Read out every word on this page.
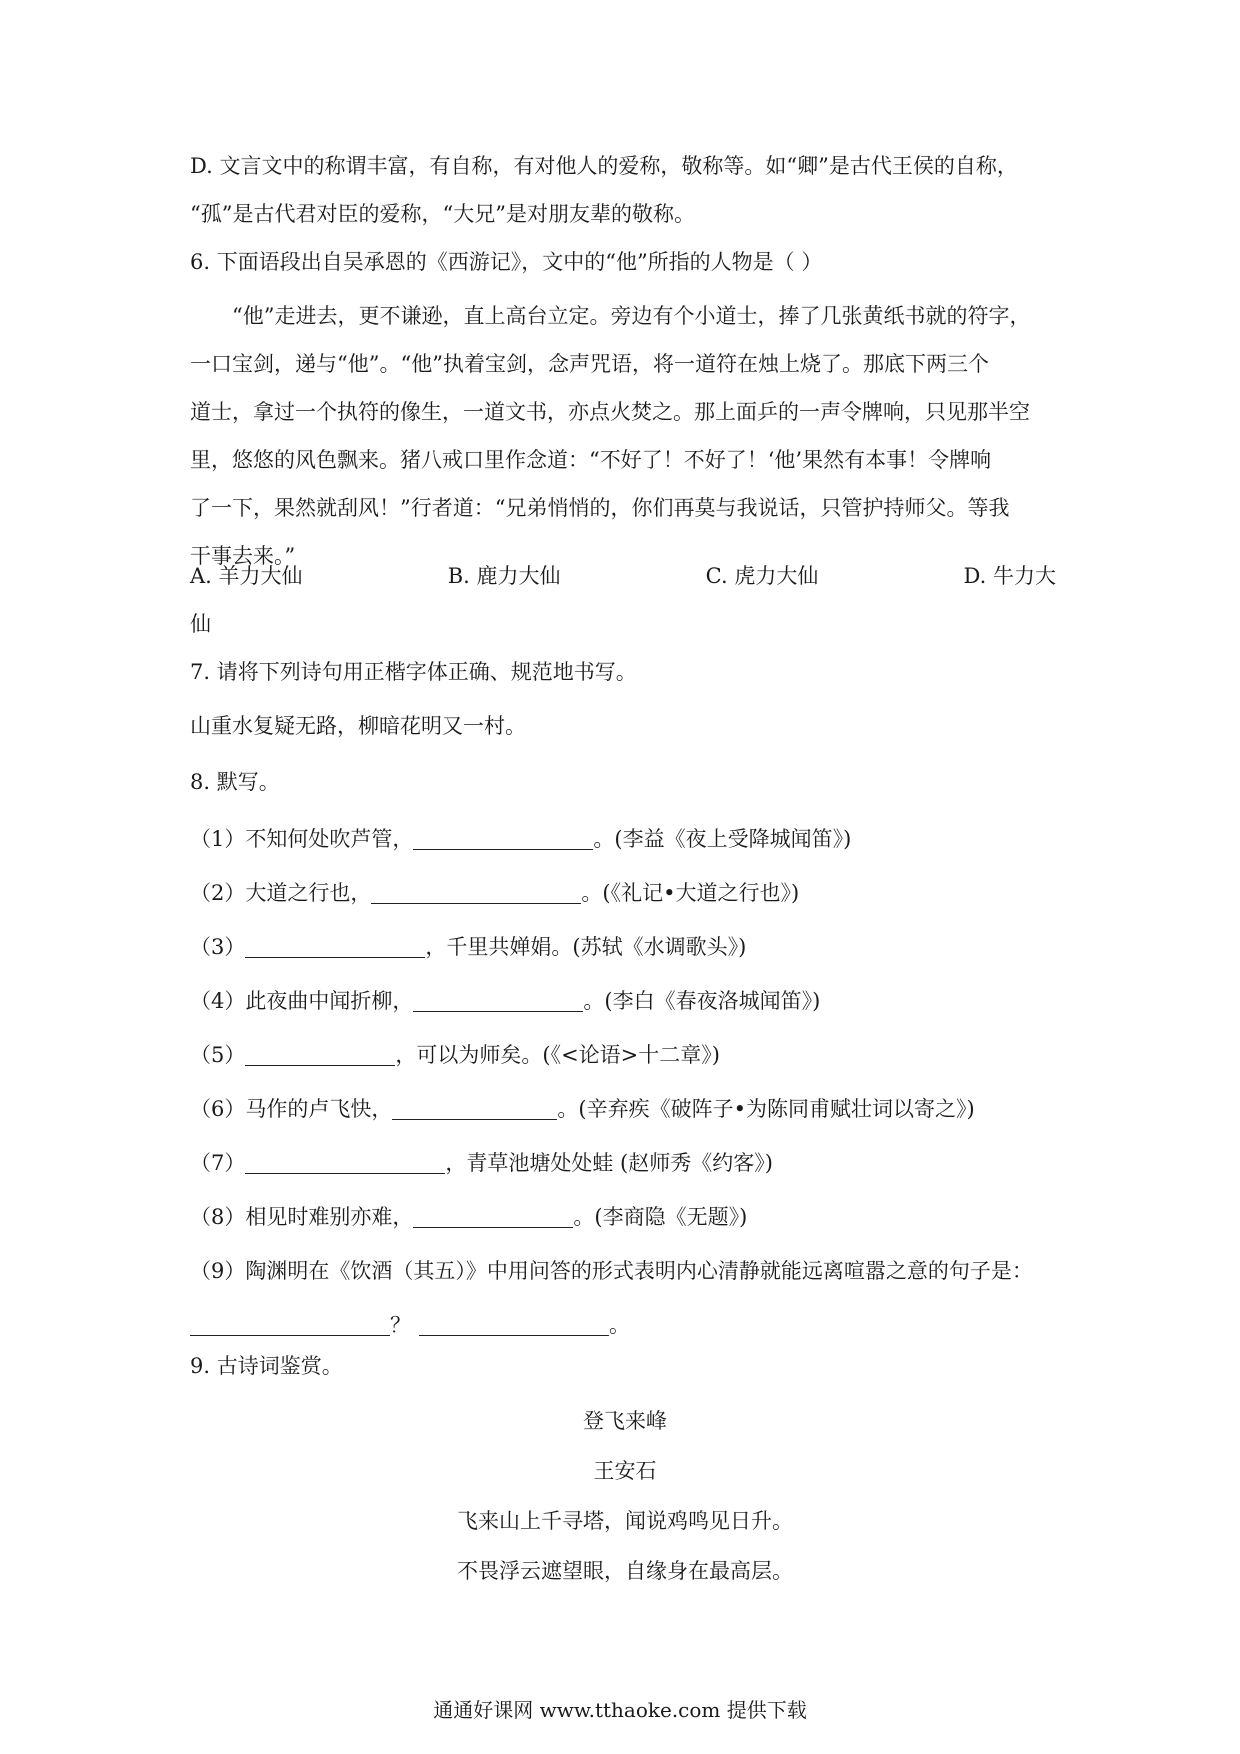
D. 文言文中的称谓丰富，有自称，有对他人的爱称，敬称等。如“卿”是古代王侯的自称，

“孤”是古代君对臣的爱称，“大兄”是对朋友辈的敬称。

6. 下面语段出自吴承恩的《西游记》，文中的“他”所指的人物是（ ）

“他”走进去，更不谦逊，直上高台立定。旁边有个小道士，捧了几张黄纸书就的符字，

一口宝剑，递与“他”。“他”执着宝剑，念声咒语，将一道符在烛上烧了。那底下两三个

道士，拿过一个执符的像生，一道文书，亦点火焚之。那上面乒的一声令牌响，只见那半空

里，悠悠的风色飘来。猪八戒口里作念道：“不好了！不好了！‘他’果然有本事！令牌响

了一下，果然就刮风！”行者道：“兄弟悄悄的，你们再莫与我说话，只管护持师父。等我

干事去来。”

A. 羊力大仙	B. 鹿力大仙	C. 虎力大仙	D. 牛力大

仙

7. 请将下列诗句用正楷字体正确、规范地书写。

山重水复疑无路，柳暗花明又一村。

8. 默写。

（1）不知何处吹芦管，	。(李益《夜上受降城闻笛》)

（2）大道之行也，	。(《礼记•大道之行也》)

（3）	，千里共婵娟。(苏轼《水调歌头》)

（4）此夜曲中闻折柳，	。(李白《春夜洛城闻笛》)

（5）	，可以为师矣。(《<论语>十二章》)

（6）马作的卢飞快，	。(辛弃疾《破阵子•为陈同甫赋壮词以寄之》)

（7）	，青草池塘处处蛙 (赵师秀《约客》)

（8）相见时难别亦难，	。(李商隐《无题》)

（9）陶渊明在《饮酒（其五）》中用问答的形式表明内心清静就能远离喧嚣之意的句子是：

？	。

9. 古诗词鉴赏。

登飞来峰

王安石

飞来山上千寻塔，闻说鸡鸣见日升。

不畏浮云遮望眼，自缘身在最高层。

通通好课网 www.tthaoke.com 提供下载
